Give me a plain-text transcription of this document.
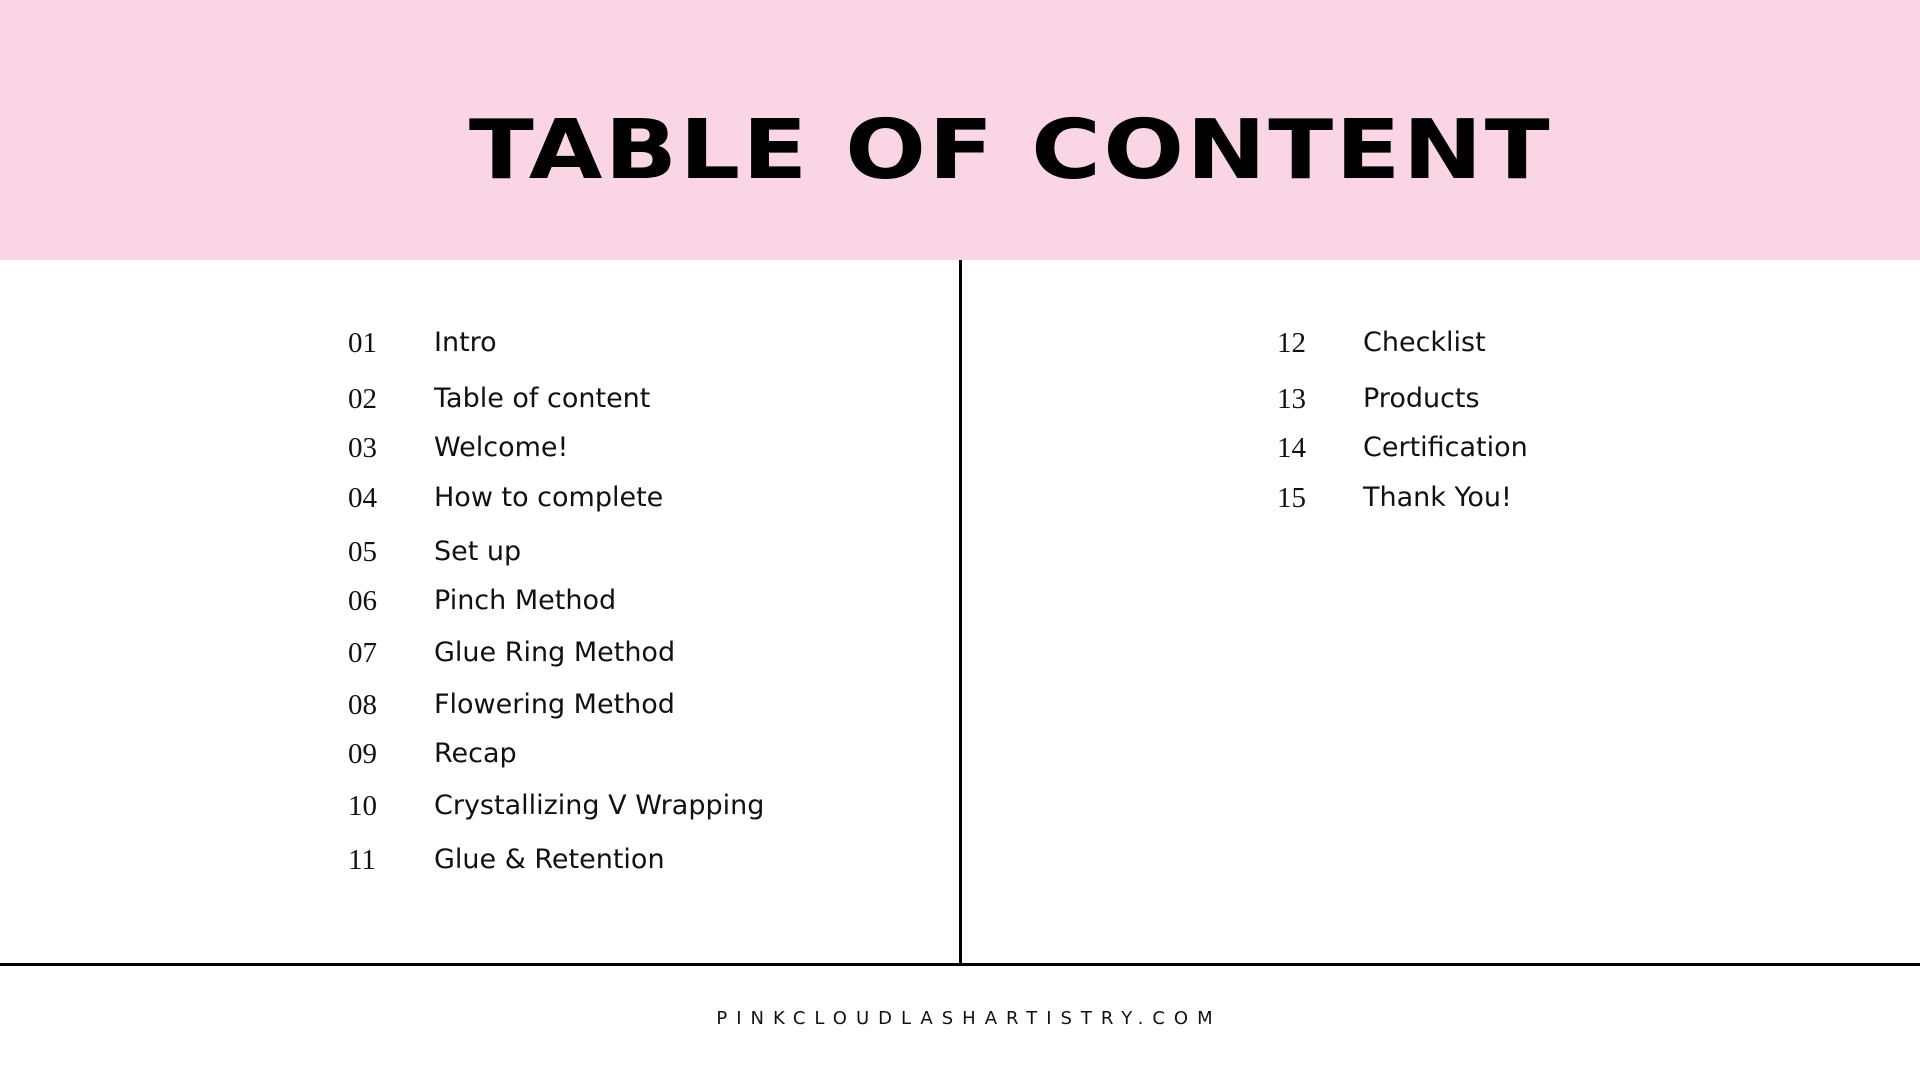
TABLE OF CONTENT
01 Intro
02 Table of content
03 Welcome!
04 How to complete
05 Set up
06 Pinch Method
07 Glue Ring Method
08 Flowering Method
09 Recap
10 Crystallizing V Wrapping
11 Glue & Retention
12 Checklist
13 Products
14 Certification
15 Thank You!
PINKCLOUDLASHARTISTRY.COM
